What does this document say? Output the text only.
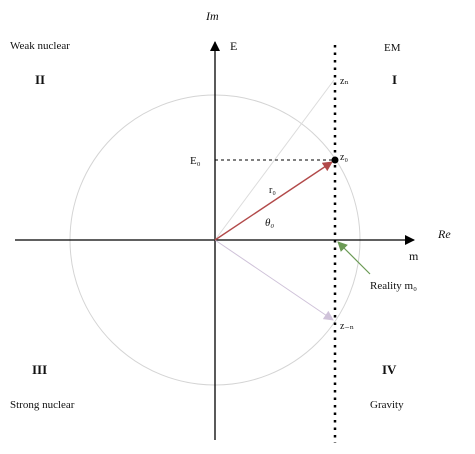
Im
E
Re
m
Weak nuclear
II
EM
I
III
Strong nuclear
IV
Gravity
zₙ
z₀
z₋ₙ
E₀
r₀
θ₀
Reality m₀
